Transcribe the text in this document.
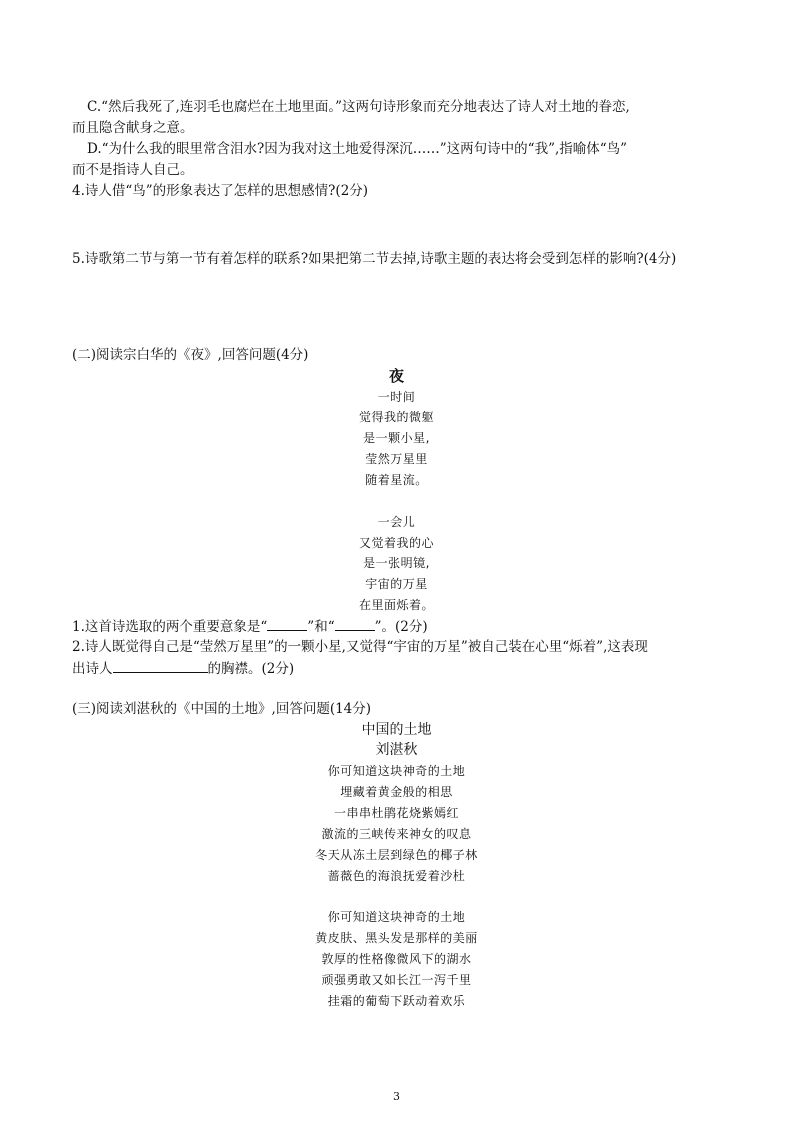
C.“然后我死了,连羽毛也腐烂在土地里面。”这两句诗形象而充分地表达了诗人对土地的眷恋,
而且隐含献身之意。
D.“为什么我的眼里常含泪水?因为我对这土地爱得深沉……”这两句诗中的“我”,指喻体“鸟”
而不是指诗人自己。
4.诗人借“鸟”的形象表达了怎样的思想感情?(2分)
5.诗歌第二节与第一节有着怎样的联系?如果把第二节去掉,诗歌主题的表达将会受到怎样的影响?(4分)
(二)阅读宗白华的《夜》,回答问题(4分)
夜
一时间
觉得我的微躯
是一颗小星,
莹然万星里
随着星流。
一会儿
又觉着我的心
是一张明镜,
宇宙的万星
在里面烁着。
1.这首诗选取的两个重要意象是“	”和“	”。(2分)
2.诗人既觉得自己是“莹然万星里”的一颗小星,又觉得“宇宙的万星”被自己装在心里“烁着”,这表现
出诗人	的胸襟。(2分)
(三)阅读刘湛秋的《中国的土地》,回答问题(14分)
中国的土地
刘湛秋
你可知道这块神奇的土地
埋藏着黄金般的相思
一串串杜鹃花烧紫嫣红
激流的三峡传来神女的叹息
冬天从冻土层到绿色的椰子林
蔷薇色的海浪抚爱着沙杜
你可知道这块神奇的土地
黄皮肤、黑头发是那样的美丽
敦厚的性格像微风下的湖水
顽强勇敢又如长江一泻千里
挂霜的葡萄下跃动着欢乐
3
